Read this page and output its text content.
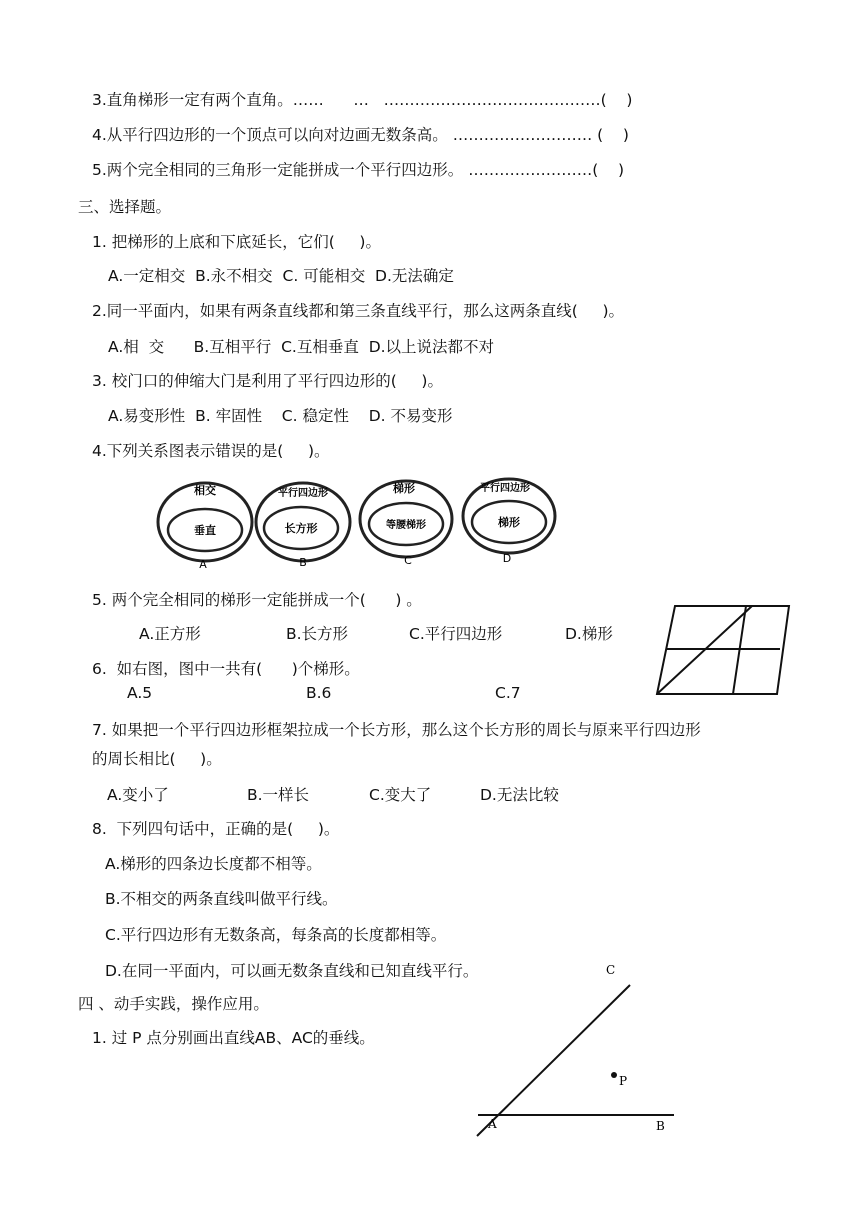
3.直角梯形一定有两个直角。……      …   ……………………………………(    )
4.从平行四边形的一个顶点可以向对边画无数条高。 ……………………… (    )
5.两个完全相同的三角形一定能拼成一个平行四边形。 ……………………(    )
三、选择题。
1. 把梯形的上底和下底延长，它们(     )。
A.一定相交  B.永不相交  C. 可能相交  D.无法确定
2.同一平面内，如果有两条直线都和第三条直线平行，那么这两条直线(     )。
A.相  交      B.互相平行  C.互相垂直  D.以上说法都不对
3. 校门口的伸缩大门是利用了平行四边形的(     )。
A.易变形性  B. 牢固性    C. 稳定性    D. 不易变形
4.下列关系图表示错误的是(     )。
相交
垂直
A
平行四边形
长方形
B
梯形
等腰梯形
C
平行四边形
梯形
D
5. 两个完全相同的梯形一定能拼成一个(      ) 。
A.正方形	B.长方形	C.平行四边形	D.梯形
6.  如右图，图中一共有(      )个梯形。
A.5	B.6	C.7
7. 如果把一个平行四边形框架拉成一个长方形，那么这个长方形的周长与原来平行四边形
的周长相比(     )。
A.变小了	B.一样长	C.变大了	D.无法比较
8.  下列四句话中，正确的是(     )。
A.梯形的四条边长度都不相等。
B.不相交的两条直线叫做平行线。
C.平行四边形有无数条高，每条高的长度都相等。
D.在同一平面内，可以画无数条直线和已知直线平行。
四 、动手实践，操作应用。
1. 过 P 点分别画出直线AB、AC的垂线。
P
A	B
C
